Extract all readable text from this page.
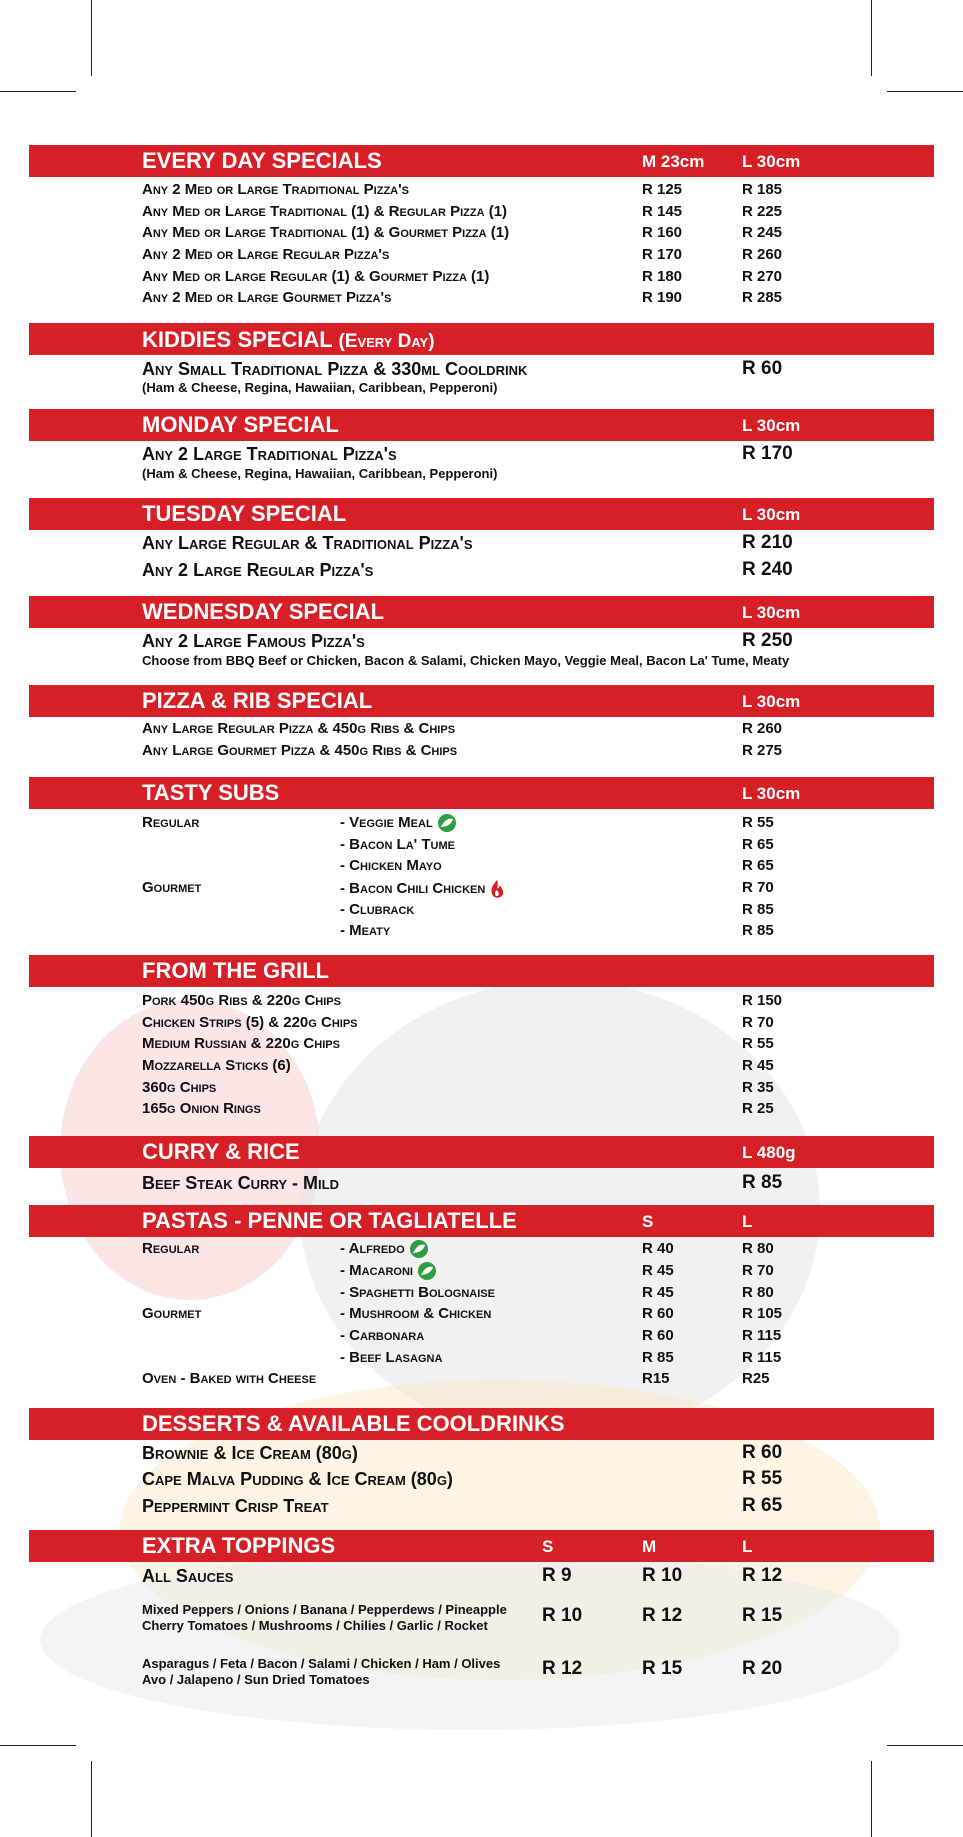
EVERY DAY SPECIALS	M 23cm L 30cm
Any 2 Med or Large Traditional Pizza's	R 125	R 185
Any Med or Large Traditional (1) & Regular Pizza (1)	R 145	R 225
Any Med or Large Traditional (1) & Gourmet Pizza (1)	R 160	R 245
Any 2 Med or Large Regular Pizza's	R 170	R 260
Any Med or Large Regular (1) & Gourmet Pizza (1)	R 180	R 270
Any 2 Med or Large Gourmet Pizza's	R 190	R 285
KIDDIES SPECIAL (Every Day)
Any Small Traditional Pizza & 330ml Cooldrink
(Ham & Cheese, Regina, Hawaiian, Caribbean, Pepperoni)
R 60
MONDAY SPECIAL	L 30cm
Any 2 Large Traditional Pizza's
(Ham & Cheese, Regina, Hawaiian, Caribbean, Pepperoni)
R 170
TUESDAY SPECIAL	L 30cm
Any Large Regular & Traditional Pizza's	R 210
Any 2 Large Regular Pizza's	R 240
WEDNESDAY SPECIAL	L 30cm
Any 2 Large Famous Pizza's
Choose from BBQ Beef or Chicken, Bacon & Salami, Chicken Mayo, Veggie Meal, Bacon La' Tume, Meaty
R 250
PIZZA & RIB SPECIAL	L 30cm
Any Large Regular Pizza & 450g Ribs & Chips	R 260
Any Large Gourmet Pizza & 450g Ribs & Chips	R 275
TASTY SUBS	L 30cm
Regular	- Veggie Meal	R 55
- Bacon La' Tume	R 65
- Chicken Mayo	R 65
Gourmet	- Bacon Chili Chicken	R 70
- Clubrack	R 85
- Meaty	R 85
FROM THE GRILL
Pork 450g Ribs & 220g Chips	R 150
Chicken Strips (5) & 220g Chips	R 70
Medium Russian & 220g Chips	R 55
Mozzarella Sticks (6)	R 45
360g Chips	R 35
165g Onion Rings	R 25
CURRY & RICE	L 480g
Beef Steak Curry - Mild	R 85
PASTAS - PENNE OR TAGLIATELLE	S	L
Regular	- Alfredo	R 40	R 80
- Macaroni	R 45	R 70
- Spaghetti Bolognaise	R 45	R 80
Gourmet	- Mushroom & Chicken	R 60	R 105
- Carbonara	R 60	R 115
- Beef Lasagna	R 85	R 115
Oven - Baked with Cheese	R15	R25
DESSERTS & AVAILABLE COOLDRINKS
Brownie & Ice Cream (80g)	R 60
Cape Malva Pudding & Ice Cream (80g)	R 55
Peppermint Crisp Treat	R 65
EXTRA TOPPINGS	S	M	L
All Sauces	R 9	R 10	R 12
Mixed Peppers / Onions / Banana / Pepperdews / Pineapple
Cherry Tomatoes / Mushrooms / Chilies / Garlic / Rocket	R 10	R 12	R 15
Asparagus / Feta / Bacon / Salami / Chicken / Ham / Olives
Avo / Jalapeno / Sun Dried Tomatoes
R 12	R 15	R 20
